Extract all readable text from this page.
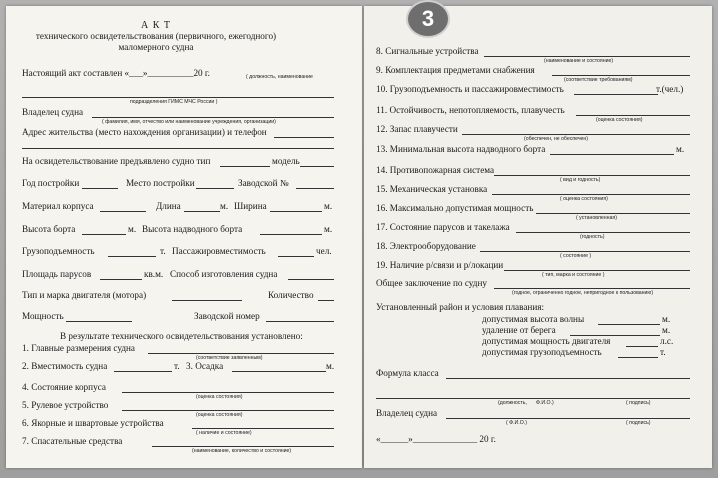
А К Т
технического освидетельствования (первичного, ежегодного)
маломерного судна
Настоящий акт составлен «___»__________20 г.	( должность, наименование
подразделения ГИМС МЧС России )
Владелец судна
( фамилия, имя, отчество или наименование учреждения, организации)
Адрес жительства (место нахождения организации) и телефон
На освидетельствование предъявлено судно тип	модель
Год постройки	Место постройки	Заводской №
Материал корпуса	Длина	м. Ширина	м.
Высота борта	м. Высота надводного борта	м.
Грузоподъемность	т. Пассажировместимость	чел.
Площадь парусов	кв.м. Способ изготовления судна
Тип и марка двигателя (мотора)	Количество
Мощность	Заводской номер
В результате технического освидетельствования установлено:
1. Главные размерения судна
(соответствие заявленным)
2. Вместимость судна	т. 3. Осадка	м.
4. Состояние корпуса
(оценка состояния)
5. Рулевое устройство
(оценка состояния)
6. Якорные и швартовые устройства
( наличие и состояние)
7. Спасательные средства
(наименование, количество и состояние)
8. Сигнальные устройства
(наименование и состояние)
9. Комплектация предметами снабжения
(соответствие требованиям)
10. Грузоподъемность и пассажировместимость	т.(чел.)
11. Остойчивость, непотопляемость, плавучесть
(оценка состояния)
12. Запас плавучести
(обеспечен, не обеспечен)
13. Минимальная высота надводного борта	м.
14. Противопожарная система
( вид и годность)
15. Механическая установка
( оценка состояния)
16. Максимально допустимая мощность
( установленная)
17. Состояние парусов и такелажа
(годность)
18. Электрооборудование
( состояние )
19. Наличие р/связи и р/локации
( тип, марка и состояние )
Общее заключение по судну
(годное, ограниченно годное, непригодное к пользованию)
Установленный район и условия плавания:
допустимая высота волны	м.
удаление от берега	м.
допустимая мощность двигателя	л.с.
допустимая грузоподъемность	т.
Формула класса
(должность, Ф.И.О.)	( подпись)
Владелец судна
( Ф.И.О.)	( подпись)
«______»______________ 20 г.
3
